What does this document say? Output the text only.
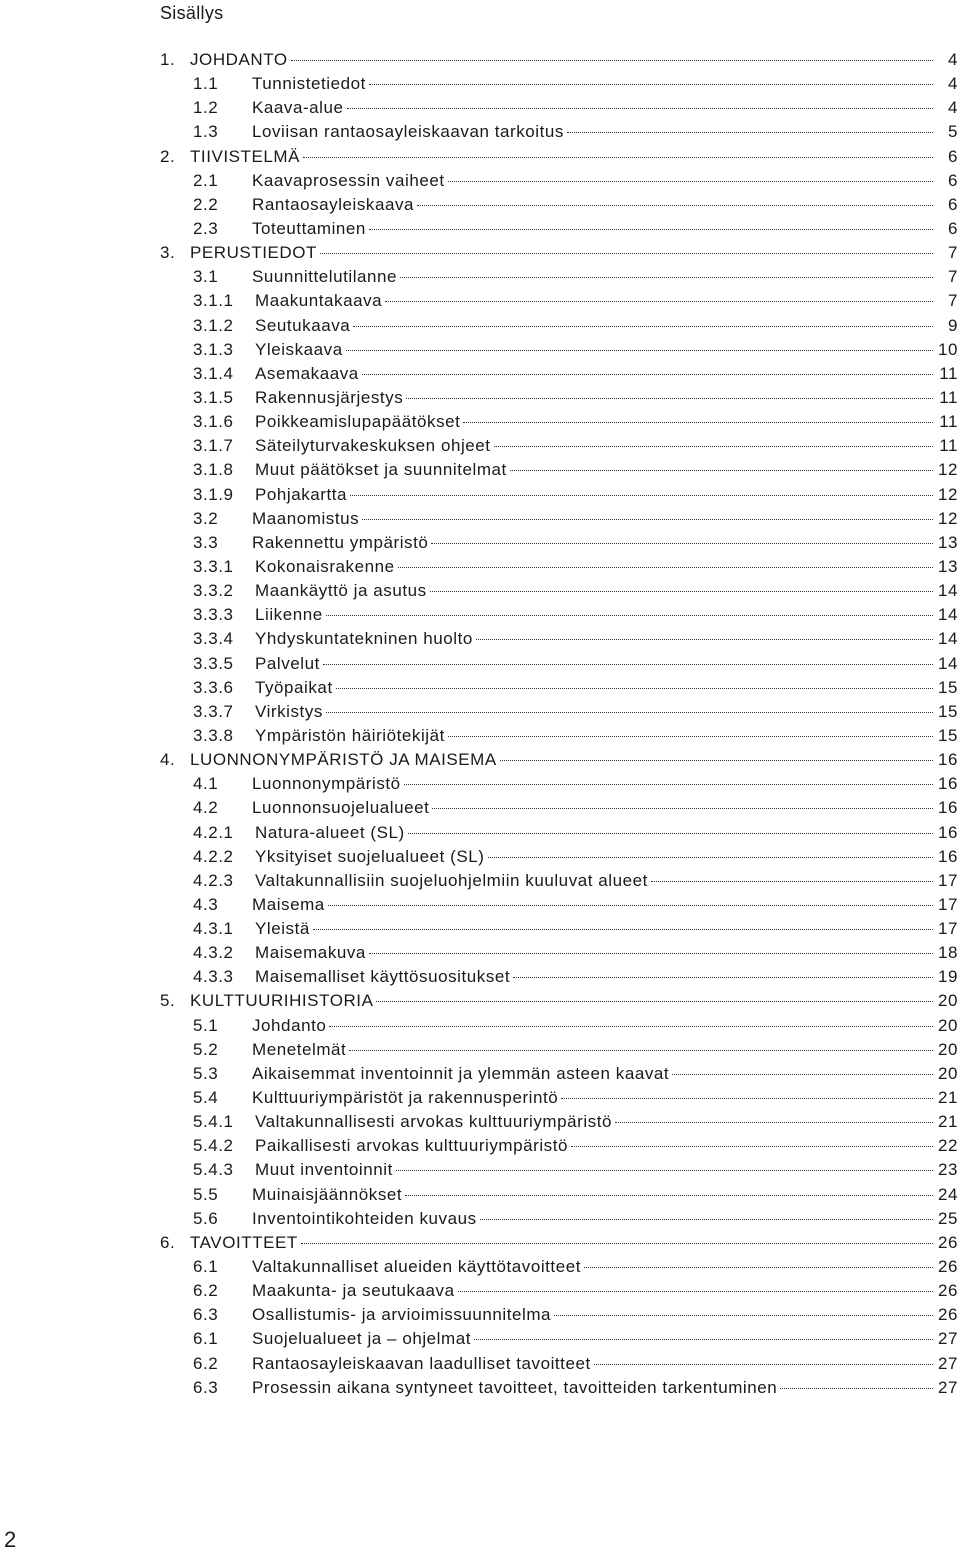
Sisällys
1. JOHDANTO	4
1.1	Tunnistetiedot	4
1.2	Kaava-alue	4
1.3	Loviisan rantaosayleiskaavan tarkoitus	5
2. TIIVISTELMÄ	6
2.1	Kaavaprosessin vaiheet	6
2.2	Rantaosayleiskaava	6
2.3	Toteuttaminen	6
3. PERUSTIEDOT	7
3.1	Suunnittelutilanne	7
3.1.1	Maakuntakaava	7
3.1.2	Seutukaava	9
3.1.3	Yleiskaava	10
3.1.4	Asemakaava	11
3.1.5	Rakennusjärjestys	11
3.1.6	Poikkeamislupapäätökset	11
3.1.7	Säteilyturvakeskuksen ohjeet	11
3.1.8	Muut päätökset ja suunnitelmat	12
3.1.9	Pohjakartta	12
3.2	Maanomistus	12
3.3	Rakennettu ympäristö	13
3.3.1	Kokonaisrakenne	13
3.3.2	Maankäyttö ja asutus	14
3.3.3	Liikenne	14
3.3.4	Yhdyskuntatekninen huolto	14
3.3.5	Palvelut	14
3.3.6	Työpaikat	15
3.3.7	Virkistys	15
3.3.8	Ympäristön häiriötekijät	15
4. LUONNONYMPÄRISTÖ JA MAISEMA	16
4.1	Luonnonympäristö	16
4.2	Luonnonsuojelualueet	16
4.2.1	Natura-alueet (SL)	16
4.2.2	Yksityiset suojelualueet (SL)	16
4.2.3	Valtakunnallisiin suojeluohjelmiin kuuluvat alueet	17
4.3	Maisema	17
4.3.1	Yleistä	17
4.3.2	Maisemakuva	18
4.3.3	Maisemalliset käyttösuositukset	19
5. KULTTUURIHISTORIA	20
5.1	Johdanto	20
5.2	Menetelmät	20
5.3	Aikaisemmat inventoinnit ja ylemmän asteen kaavat	20
5.4	Kulttuuriympäristöt ja rakennusperintö	21
5.4.1	Valtakunnallisesti arvokas kulttuuriympäristö	21
5.4.2	Paikallisesti arvokas kulttuuriympäristö	22
5.4.3	Muut inventoinnit	23
5.5	Muinaisjäännökset	24
5.6	Inventointikohteiden kuvaus	25
6. TAVOITTEET	26
6.1	Valtakunnalliset alueiden käyttötavoitteet	26
6.2	Maakunta- ja seutukaava	26
6.3	Osallistumis- ja arvioimissuunnitelma	26
6.1	Suojelualueet ja – ohjelmat	27
6.2	Rantaosayleiskaavan laadulliset tavoitteet	27
6.3	Prosessin aikana syntyneet tavoitteet, tavoitteiden tarkentuminen	27
2
